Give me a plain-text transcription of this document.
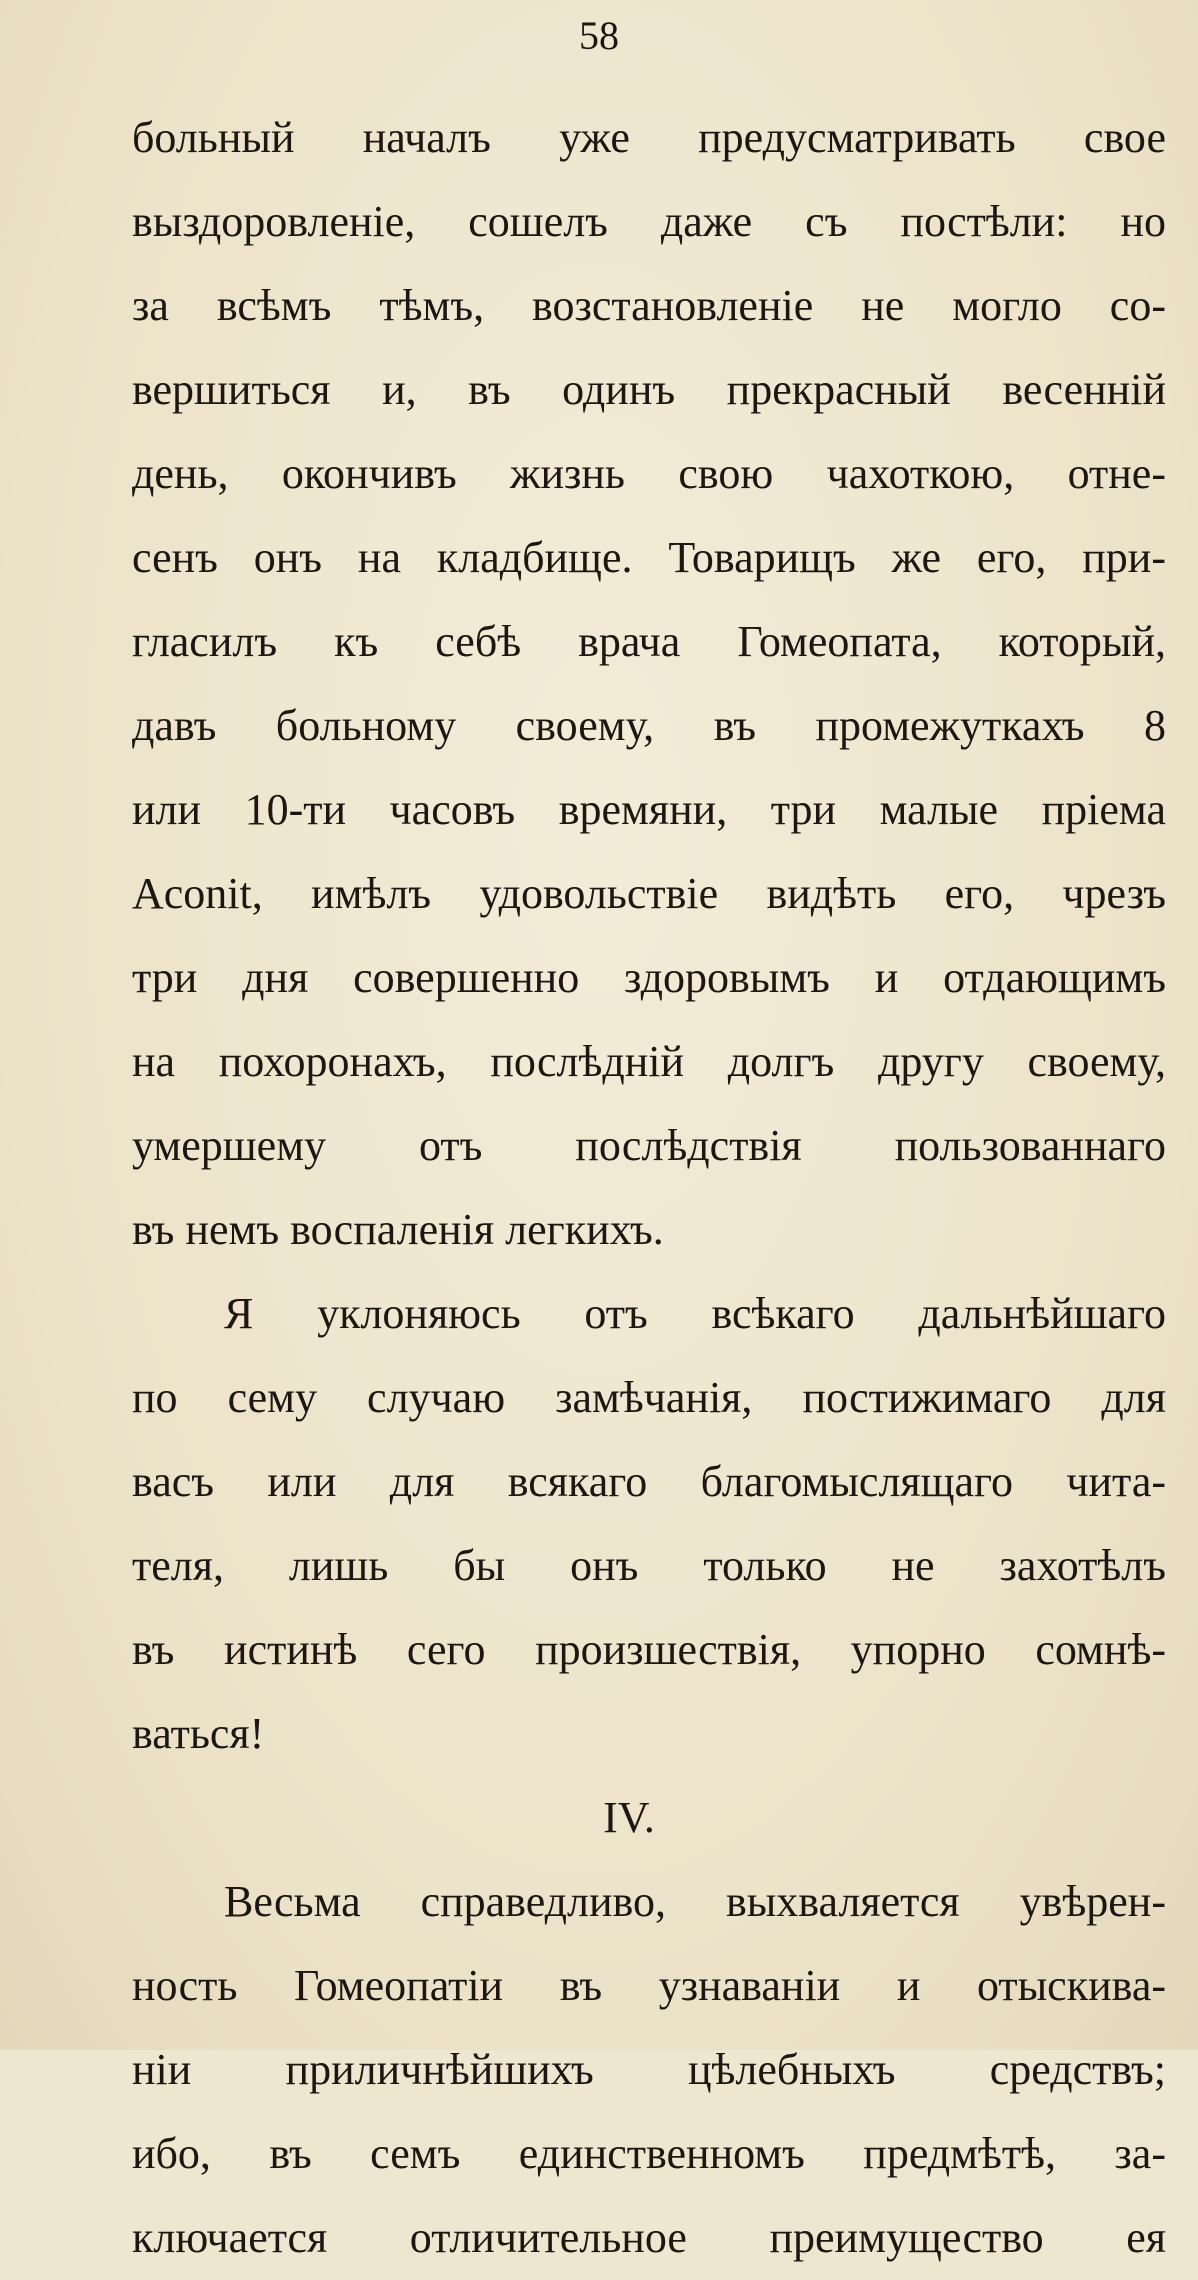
58
больный началъ уже предусматривать свое
выздоровленіе, сошелъ даже съ постѣли: но
за всѣмъ тѣмъ, возстановленіе не могло со-
вершиться и, въ одинъ прекрасный весенній
день, окончивъ жизнь свою чахоткою, отне-
сенъ онъ на кладбище. Товарищъ же его, при-
гласилъ къ себѣ врача Гомеопата, который,
давъ больному своему, въ промежуткахъ 8
или 10-ти часовъ времяни, три малые пріема
Aconit, имѣлъ удовольствіе видѣть его, чрезъ
три дня совершенно здоровымъ и отдающимъ
на похоронахъ, послѣдній долгъ другу своему,
умершему отъ послѣдствія пользованнаго
въ немъ воспаленія легкихъ.
Я уклоняюсь отъ всѣкаго дальнѣйшаго
по сему случаю замѣчанія, постижимаго для
васъ или для всякаго благомыслящаго чита-
теля, лишь бы онъ только не захотѣлъ
въ истинѣ сего произшествія, упорно сомнѣ-
ваться!
IV.
Весьма справедливо, выхваляется увѣрен-
ность Гомеопатіи въ узнаваніи и отыскива-
ніи приличнѣйшихъ цѣлебныхъ средствъ;
ибо, въ семъ единственномъ предмѣтѣ, за-
ключается отличительное преимущество ея
